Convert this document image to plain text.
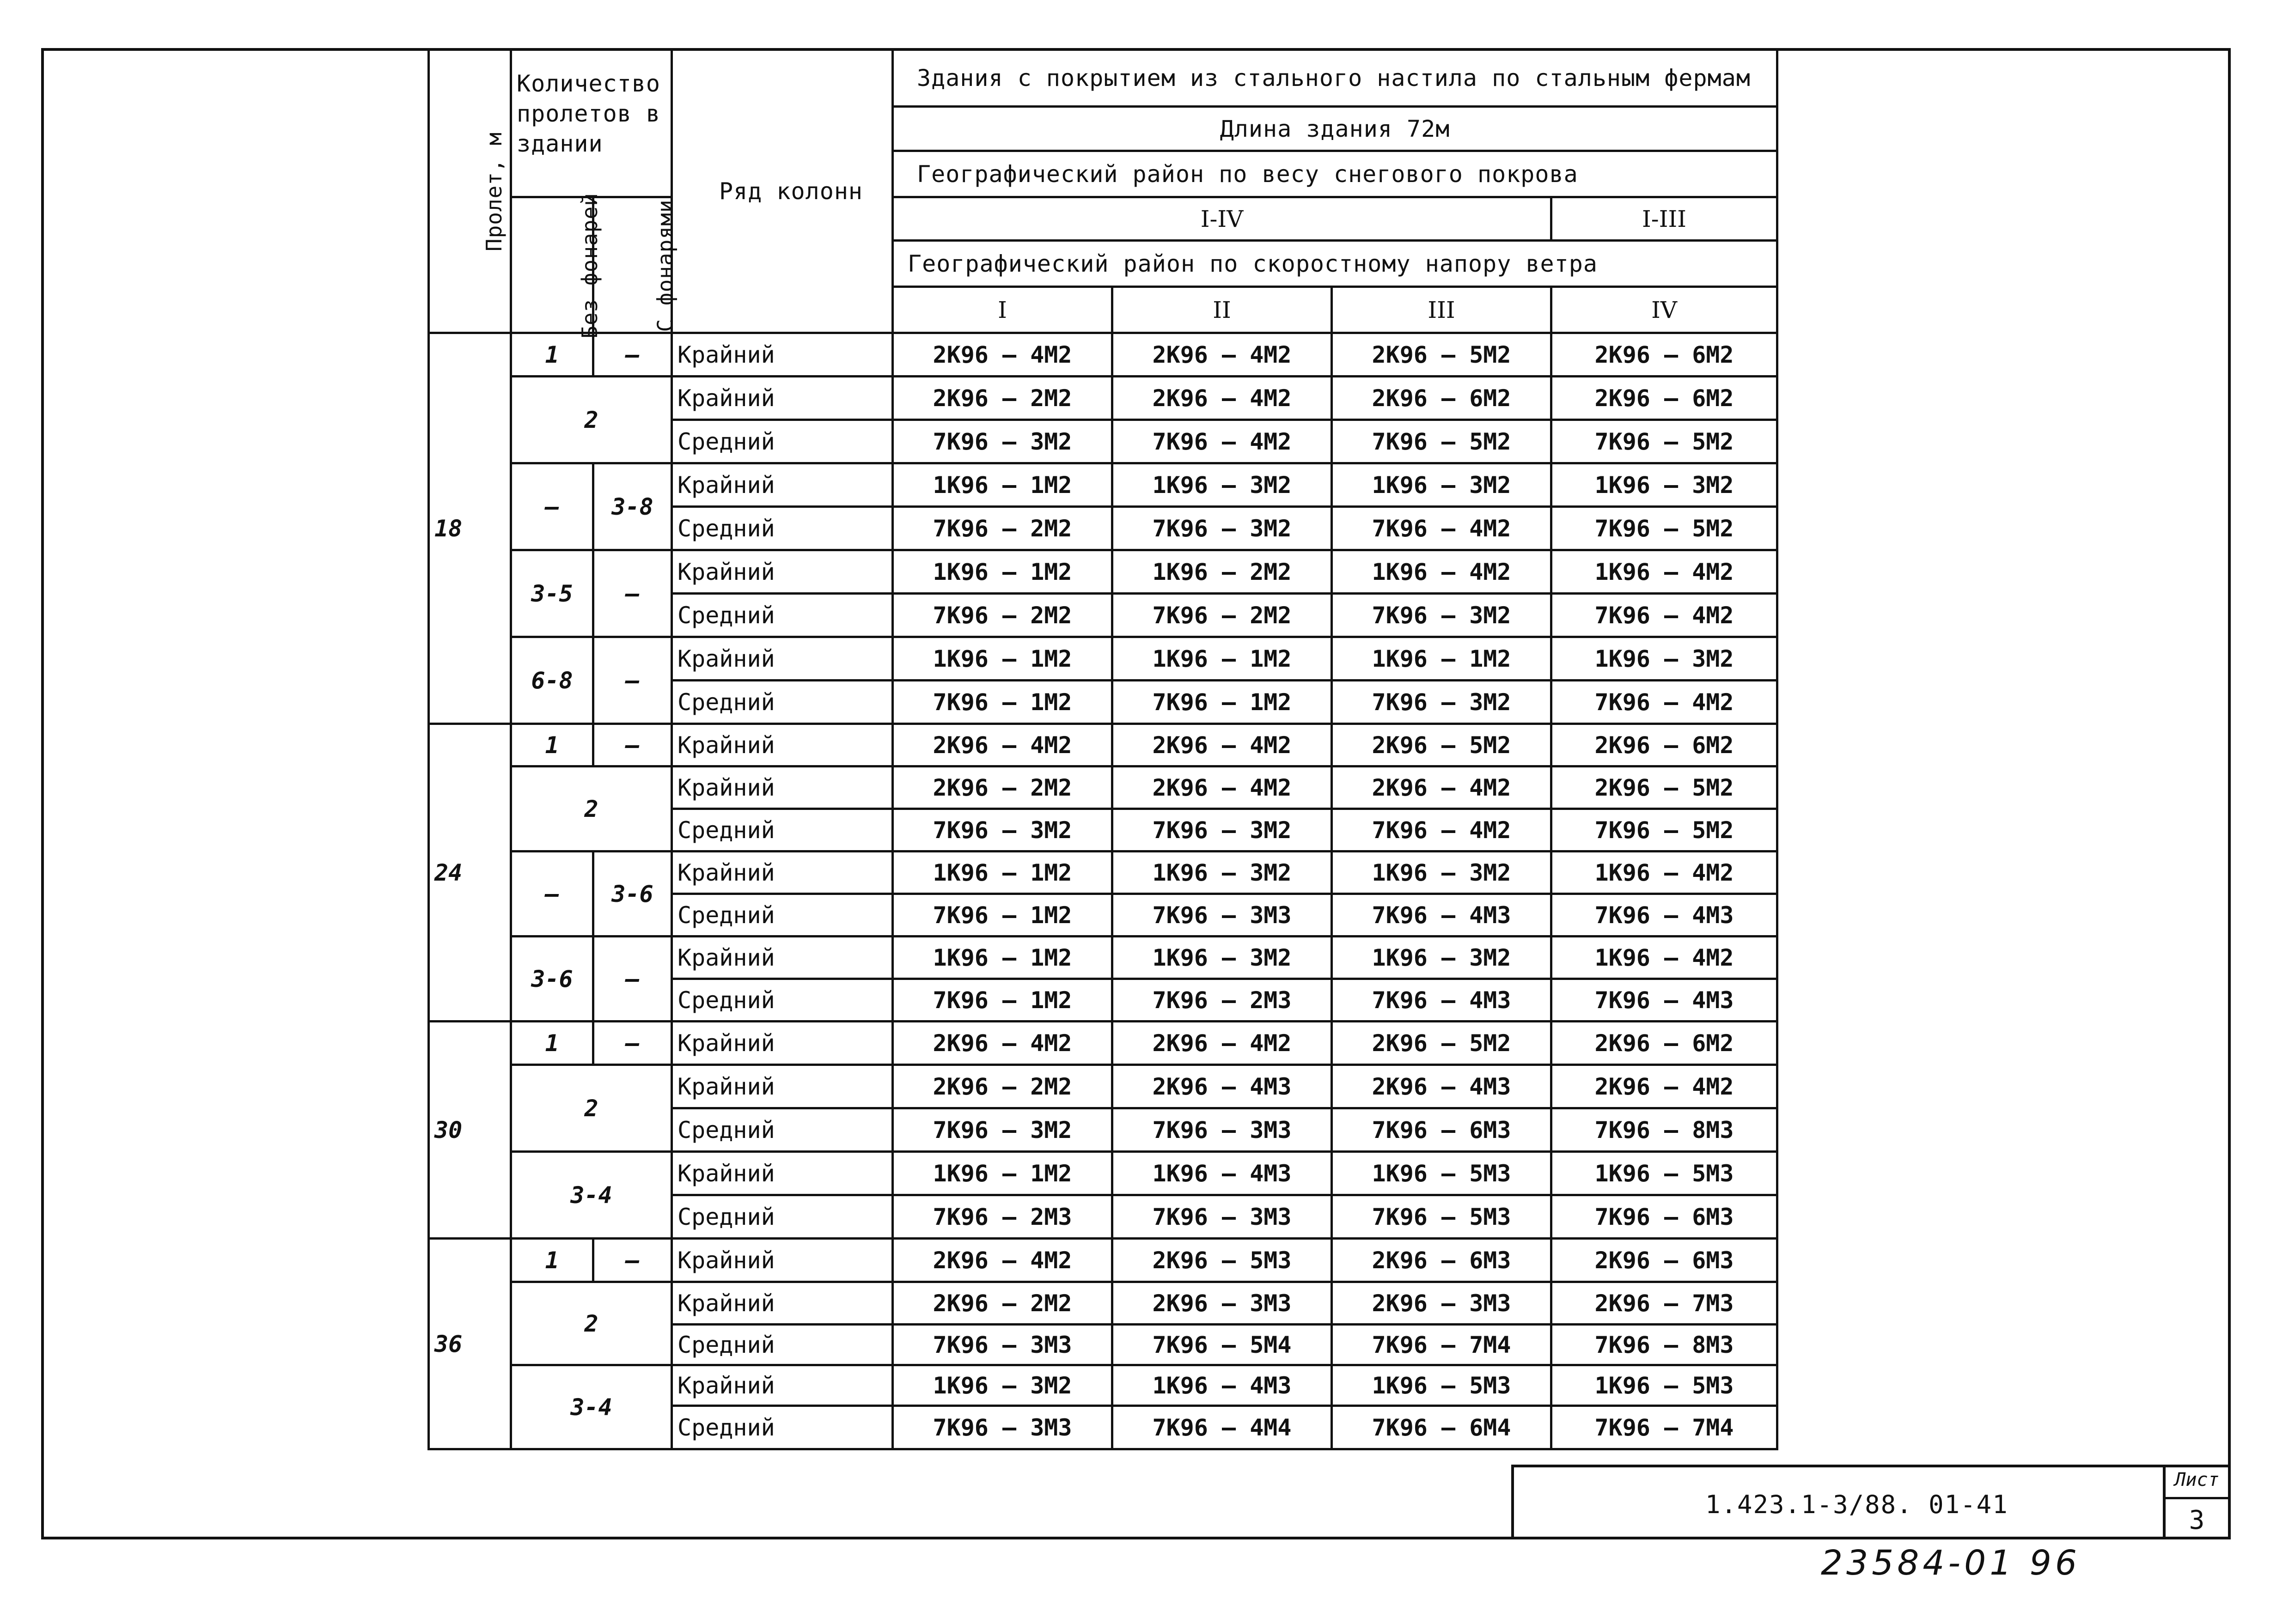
Пролет, м	Количество пролетов в здании		Ряд колонн	Здания с покрытием из стального настила по стальным фермам			
				Длина здания 72м			
				Географический район по весу снегового покрова			
	Без фонарей	С фонарями		I-IV			I-III
				Географический район по скоростному напору ветра			
				I	II	III	IV
18	1	—	Крайний	2К96 — 4М2	2К96 — 4М2	2К96 — 5М2	2К96 — 6М2
	2		Крайний	2К96 — 2М2	2К96 — 4М2	2К96 — 6М2	2К96 — 6М2
			Средний	7К96 — 3М2	7К96 — 4М2	7К96 — 5М2	7К96 — 5М2
	—	3-8	Крайний	1К96 — 1М2	1К96 — 3М2	1К96 — 3М2	1К96 — 3М2
			Средний	7К96 — 2М2	7К96 — 3М2	7К96 — 4М2	7К96 — 5М2
	3-5	—	Крайний	1К96 — 1М2	1К96 — 2М2	1К96 — 4М2	1К96 — 4М2
			Средний	7К96 — 2М2	7К96 — 2М2	7К96 — 3М2	7К96 — 4М2
	6-8	—	Крайний	1К96 — 1М2	1К96 — 1М2	1К96 — 1М2	1К96 — 3М2
			Средний	7К96 — 1М2	7К96 — 1М2	7К96 — 3М2	7К96 — 4М2
24	1	—	Крайний	2К96 — 4М2	2К96 — 4М2	2К96 — 5М2	2К96 — 6М2
	2		Крайний	2К96 — 2М2	2К96 — 4М2	2К96 — 4М2	2К96 — 5М2
			Средний	7К96 — 3М2	7К96 — 3М2	7К96 — 4М2	7К96 — 5М2
	—	3-6	Крайний	1К96 — 1М2	1К96 — 3М2	1К96 — 3М2	1К96 — 4М2
			Средний	7К96 — 1М2	7К96 — 3М3	7К96 — 4М3	7К96 — 4М3
	3-6	—	Крайний	1К96 — 1М2	1К96 — 3М2	1К96 — 3М2	1К96 — 4М2
			Средний	7К96 — 1М2	7К96 — 2М3	7К96 — 4М3	7К96 — 4М3
30	1	—	Крайний	2К96 — 4М2	2К96 — 4М2	2К96 — 5М2	2К96 — 6М2
	2		Крайний	2К96 — 2М2	2К96 — 4М3	2К96 — 4М3	2К96 — 4М2
			Средний	7К96 — 3М2	7К96 — 3М3	7К96 — 6М3	7К96 — 8М3
	3-4		Крайний	1К96 — 1М2	1К96 — 4М3	1К96 — 5М3	1К96 — 5М3
			Средний	7К96 — 2М3	7К96 — 3М3	7К96 — 5М3	7К96 — 6М3
36	1	—	Крайний	2К96 — 4М2	2К96 — 5М3	2К96 — 6М3	2К96 — 6М3
	2		Крайний	2К96 — 2М2	2К96 — 3М3	2К96 — 3М3	2К96 — 7М3
			Средний	7К96 — 3М3	7К96 — 5М4	7К96 — 7М4	7К96 — 8М3
	3-4		Крайний	1К96 — 3М2	1К96 — 4М3	1К96 — 5М3	1К96 — 5М3
			Средний	7К96 — 3М3	7К96 — 4М4	7К96 — 6М4	7К96 — 7М4
1.423.1-3/88. 01-41
Лист
3
23584-01 96
